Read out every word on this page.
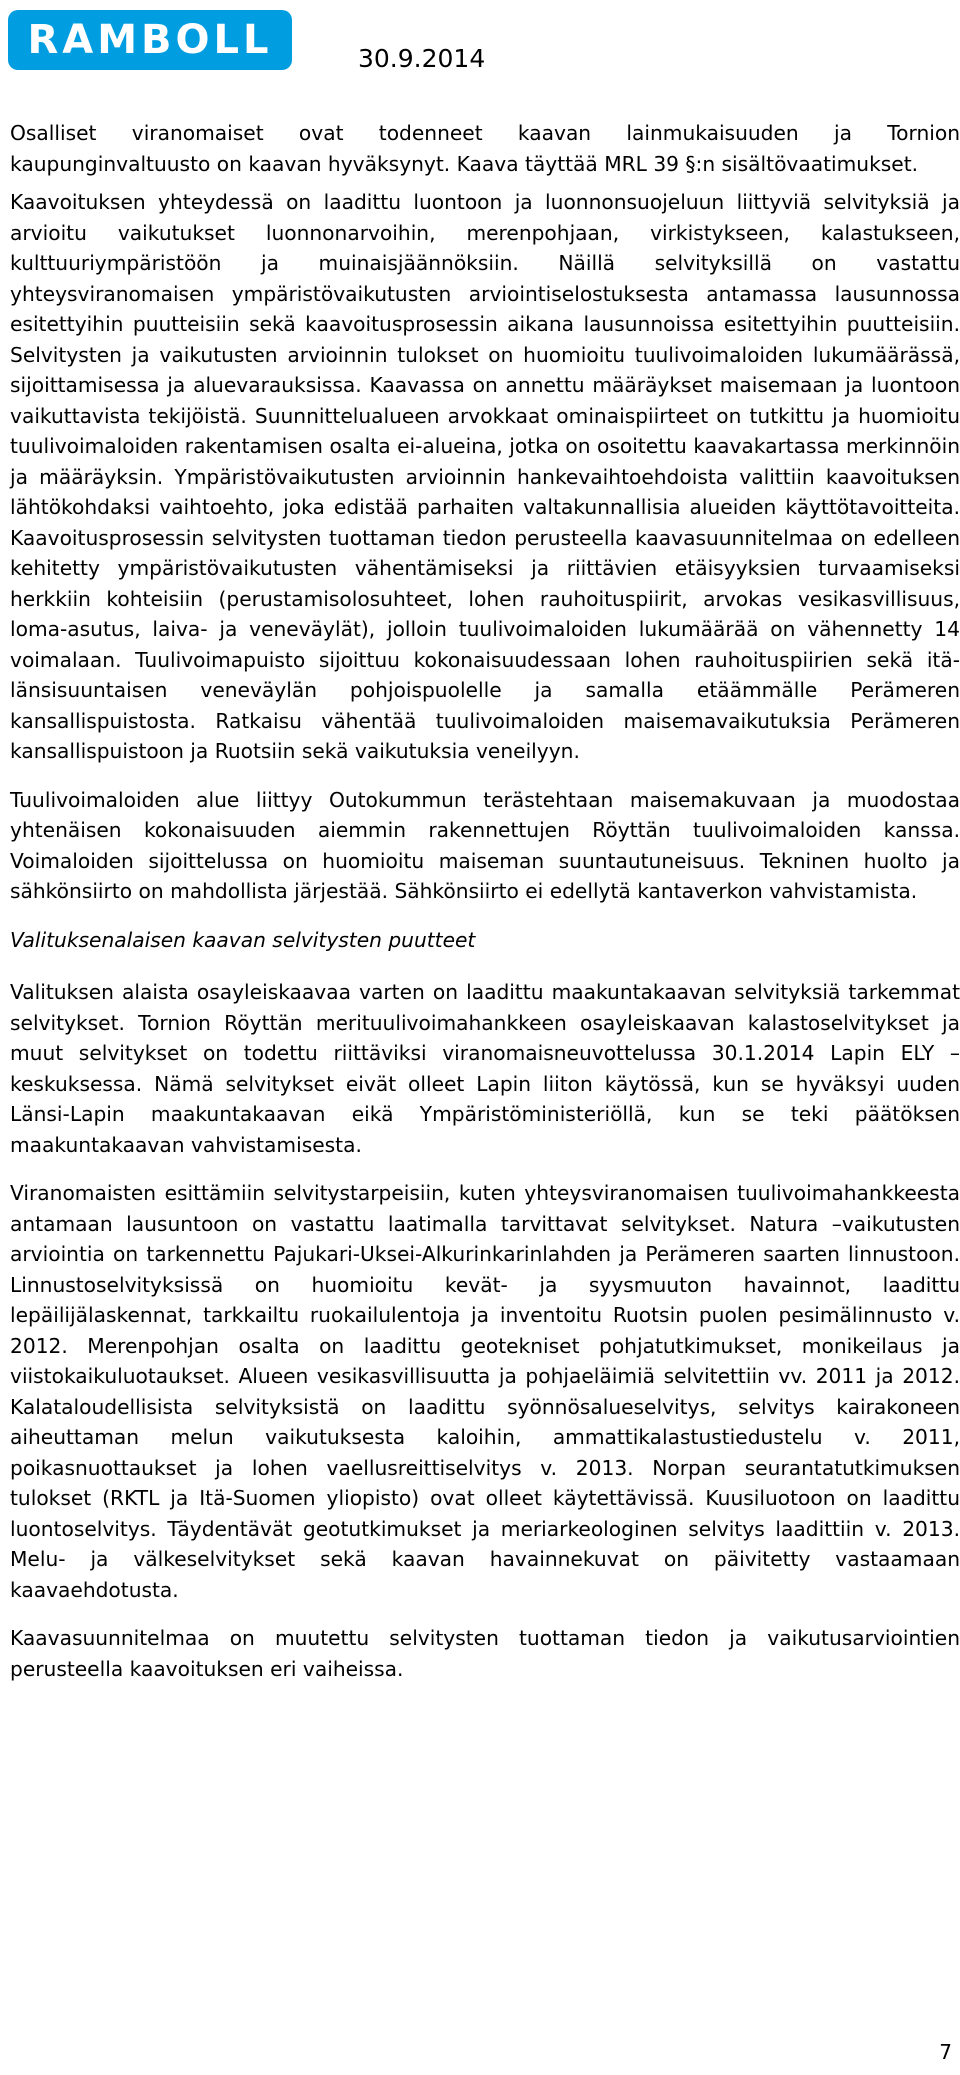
RAMBOLL	30.9.2014

Osalliset viranomaiset ovat todenneet kaavan lainmukaisuuden ja Tornion kaupunginvaltuusto on kaavan hyväksynyt. Kaava täyttää MRL 39 §:n sisältövaatimukset.

Kaavoituksen yhteydessä on laadittu luontoon ja luonnonsuojeluun liittyviä selvityksiä ja arvioitu vaikutukset luonnonarvoihin, merenpohjaan, virkistykseen, kalastukseen, kulttuuriympäristöön ja muinaisjäännöksiin. Näillä selvityksillä on vastattu yhteysviranomaisen ympäristövaikutusten arviointiselostuksesta antamassa lausunnossa esitettyihin puutteisiin sekä kaavoitusprosessin aikana lausunnoissa esitettyihin puutteisiin. Selvitysten ja vaikutusten arvioinnin tulokset on huomioitu tuulivoimaloiden lukumäärässä, sijoittamisessa ja aluevarauksissa. Kaavassa on annettu määräykset maisemaan ja luontoon vaikuttavista tekijöistä. Suunnittelualueen arvokkaat ominaispiirteet on tutkittu ja huomioitu tuulivoimaloiden rakentamisen osalta ei-alueina, jotka on osoitettu kaavakartassa merkinnöin ja määräyksin. Ympäristövaikutusten arvioinnin hankevaihtoehdoista valittiin kaavoituksen lähtökohdaksi vaihtoehto, joka edistää parhaiten valtakunnallisia alueiden käyttötavoitteita. Kaavoitusprosessin selvitysten tuottaman tiedon perusteella kaavasuunnitelmaa on edelleen kehitetty ympäristövaikutusten vähentämiseksi ja riittävien etäisyyksien turvaamiseksi herkkiin kohteisiin (perustamisolosuhteet, lohen rauhoituspiirit, arvokas vesikasvillisuus, loma-asutus, laiva- ja veneväylät), jolloin tuulivoimaloiden lukumäärää on vähennetty 14 voimalaan. Tuulivoimapuisto sijoittuu kokonaisuudessaan lohen rauhoituspiirien sekä itä-länsisuuntaisen veneväylän pohjoispuolelle ja samalla etäämmälle Perämeren kansallispuistosta. Ratkaisu vähentää tuulivoimaloiden maisemavaikutuksia Perämeren kansallispuistoon ja Ruotsiin sekä vaikutuksia veneilyyn.

Tuulivoimaloiden alue liittyy Outokummun terästehtaan maisemakuvaan ja muodostaa yhtenäisen kokonaisuuden aiemmin rakennettujen Röyttän tuulivoimaloiden kanssa. Voimaloiden sijoittelussa on huomioitu maiseman suuntautuneisuus. Tekninen huolto ja sähkönsiirto on mahdollista järjestää. Sähkönsiirto ei edellytä kantaverkon vahvistamista.

Valituksenalaisen kaavan selvitysten puutteet

Valituksen alaista osayleiskaavaa varten on laadittu maakuntakaavan selvityksiä tarkemmat selvitykset. Tornion Röyttän merituulivoimahankkeen osayleiskaavan kalastoselvitykset ja muut selvitykset on todettu riittäviksi viranomaisneuvottelussa 30.1.2014 Lapin ELY –keskuksessa. Nämä selvitykset eivät olleet Lapin liiton käytössä, kun se hyväksyi uuden Länsi-Lapin maakuntakaavan eikä Ympäristöministeriöllä, kun se teki päätöksen maakuntakaavan vahvistamisesta.

Viranomaisten esittämiin selvitystarpeisiin, kuten yhteysviranomaisen tuulivoimahankkeesta antamaan lausuntoon on vastattu laatimalla tarvittavat selvitykset. Natura –vaikutusten arviointia on tarkennettu Pajukari-Uksei-Alkurinkarinlahden ja Perämeren saarten linnustoon. Linnustoselvityksissä on huomioitu kevät- ja syysmuuton havainnot, laadittu lepäilijälaskennat, tarkkailtu ruokailulentoja ja inventoitu Ruotsin puolen pesimälinnusto v. 2012. Merenpohjan osalta on laadittu geotekniset pohjatutkimukset, monikeilaus ja viistokaikuluotaukset. Alueen vesikasvillisuutta ja pohjaeläimiä selvitettiin vv. 2011 ja 2012. Kalataloudellisista selvityksistä on laadittu syönnösalueselvitys, selvitys kairakoneen aiheuttaman melun vaikutuksesta kaloihin, ammattikalastustiedustelu v. 2011, poikasnuottaukset ja lohen vaellusreittiselvitys v. 2013. Norpan seurantatutkimuksen tulokset (RKTL ja Itä-Suomen yliopisto) ovat olleet käytettävissä. Kuusiluotoon on laadittu luontoselvitys. Täydentävät geotutkimukset ja meriarkeologinen selvitys laadittiin v. 2013. Melu- ja välkeselvitykset sekä kaavan havainnekuvat on päivitetty vastaamaan kaavaehdotusta.

Kaavasuunnitelmaa on muutettu selvitysten tuottaman tiedon ja vaikutusarviointien perusteella kaavoituksen eri vaiheissa.

7
